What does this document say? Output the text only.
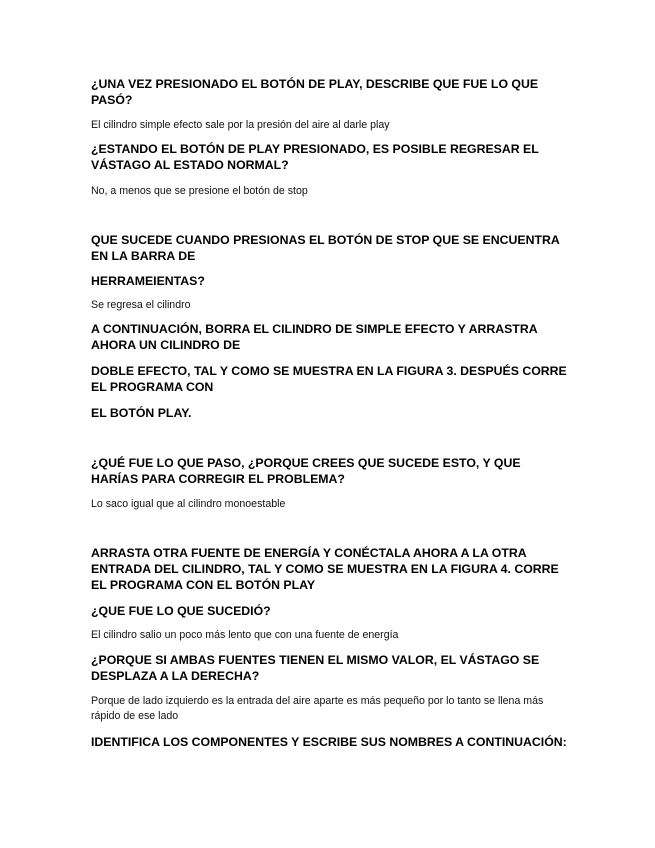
¿UNA VEZ PRESIONADO EL BOTÓN DE PLAY, DESCRIBE QUE FUE LO QUE PASÓ?

El cilindro simple efecto sale por la presión del aire al darle play

¿ESTANDO EL BOTÓN DE PLAY PRESIONADO, ES POSIBLE REGRESAR EL VÁSTAGO AL ESTADO NORMAL?

No, a menos que se presione el botón de stop

QUE SUCEDE CUANDO PRESIONAS EL BOTÓN DE STOP QUE SE ENCUENTRA EN LA BARRA DE

HERRAMEIENTAS?

Se regresa el cilindro

A CONTINUACIÓN, BORRA EL CILINDRO DE SIMPLE EFECTO Y ARRASTRA AHORA UN CILINDRO DE

DOBLE EFECTO, TAL Y COMO SE MUESTRA EN LA FIGURA 3. DESPUÉS CORRE EL PROGRAMA CON

EL BOTÓN PLAY.

¿QUÉ FUE LO QUE PASO, ¿PORQUE CREES QUE SUCEDE ESTO, Y QUE HARÍAS PARA CORREGIR EL PROBLEMA?

Lo saco igual que al cilindro monoestable

ARRASTA OTRA FUENTE DE ENERGÍA Y CONÉCTALA AHORA A LA OTRA ENTRADA DEL CILINDRO, TAL Y COMO SE MUESTRA EN LA FIGURA 4. CORRE EL PROGRAMA CON EL BOTÓN PLAY

¿QUE FUE LO QUE SUCEDIÓ?

El cilindro salio un poco más lento que con una fuente de energía

¿PORQUE SI AMBAS FUENTES TIENEN EL MISMO VALOR, EL VÁSTAGO SE DESPLAZA A LA DERECHA?

Porque de lado izquierdo es la entrada del aire aparte es más pequeño por lo tanto se llena más rápido de ese lado

IDENTIFICA LOS COMPONENTES Y ESCRIBE SUS NOMBRES A CONTINUACIÓN:
